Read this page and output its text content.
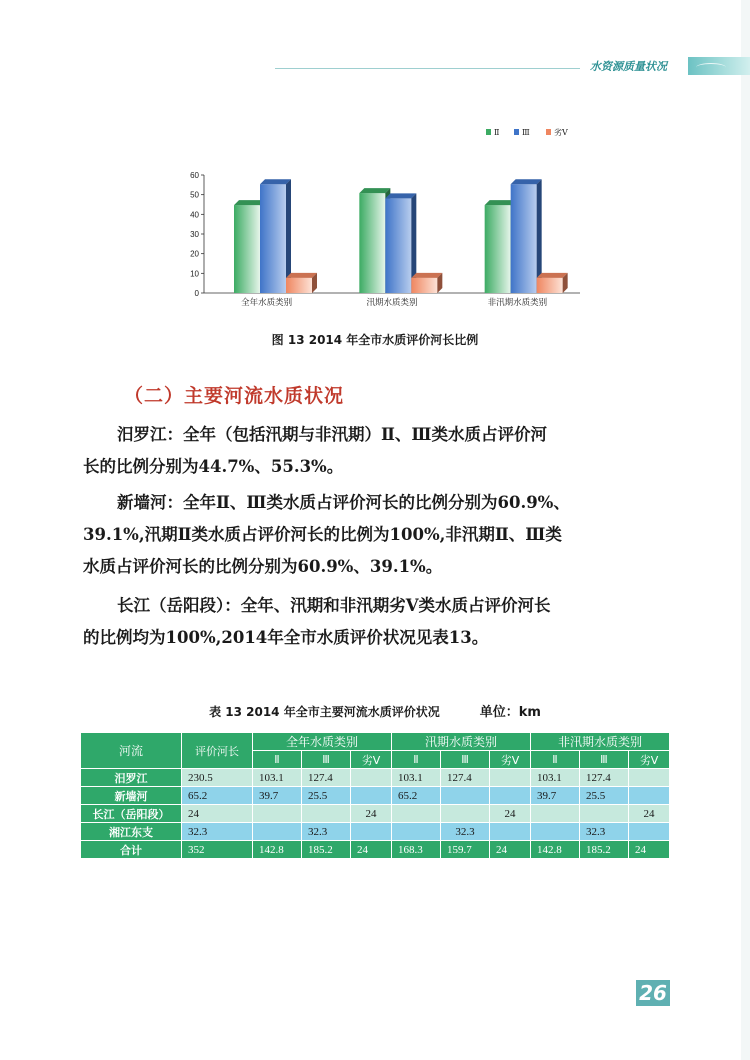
水资源质量状况
Ⅱ	Ⅲ	劣Ⅴ
0
10
20
30
40
50
60
全年水质类别	汛期水质类别	非汛期水质类别
图 13 2014 年全市水质评价河长比例
（二）主要河流水质状况
汨罗江：全年（包括汛期与非汛期）Ⅱ、Ⅲ类水质占评价河
长的比例分别为44.7%、55.3%。
新墙河：全年Ⅱ、Ⅲ类水质占评价河长的比例分别为60.9%、
39.1%,汛期Ⅱ类水质占评价河长的比例为100%,非汛期Ⅱ、Ⅲ类
水质占评价河长的比例分别为60.9%、39.1%。
长江（岳阳段）：全年、汛期和非汛期劣Ⅴ类水质占评价河长
的比例均为100%,2014年全市水质评价状况见表13。
表 13 2014 年全市主要河流水质评价状况	单位：km
河流	评价河长	全年水质类别			汛期水质类别			非汛期水质类别		
		Ⅱ	Ⅲ	劣Ⅴ	Ⅱ	Ⅲ	劣Ⅴ	Ⅱ	Ⅲ	劣Ⅴ
汨罗江	230.5	103.1	127.4		103.1	127.4		103.1	127.4	
新墙河	65.2	39.7	25.5		65.2			39.7	25.5	
长江（岳阳段）	24			24			24			24
湘江东支	32.3		32.3			32.3			32.3	
合计	352	142.8	185.2	24	168.3	159.7	24	142.8	185.2	24
26
